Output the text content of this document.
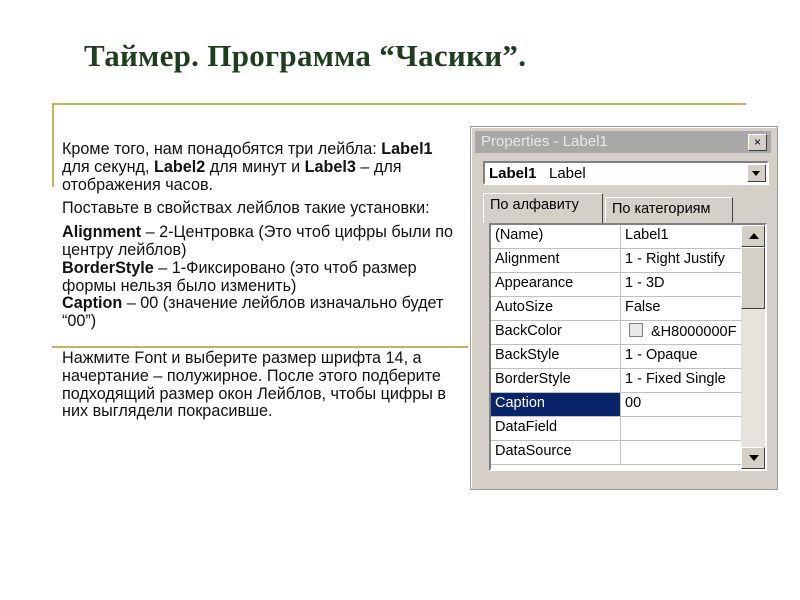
Таймер. Программа “Часики”.

Кроме того, нам понадобятся три лейбла: Label1 для секунд, Label2 для минут и Label3 – для отображения часов.

Поставьте в свойствах лейблов такие установки:

Alignment – 2-Центровка (Это чтоб цифры были по центру лейблов)

BorderStyle – 1-Фиксировано (это чтоб размер формы нельзя было изменить)

Caption – 00 (значение лейблов изначально будет “00”)

Нажмите Font и выберите размер шрифта 14, а начертание – полужирное. После этого подберите подходящий размер окон Лейблов, чтобы цифры в них выглядели покрасивше.

Properties - Label1	×
Label1 Label
По алфавиту	По категориям
DataSource
DataField
Caption	00
BorderStyle	1 - Fixed Single
BackStyle	1 - Opaque
BackColor	&H8000000F
AutoSize	False
Appearance	1 - 3D
Alignment	1 - Right Justify
(Name)	Label1
